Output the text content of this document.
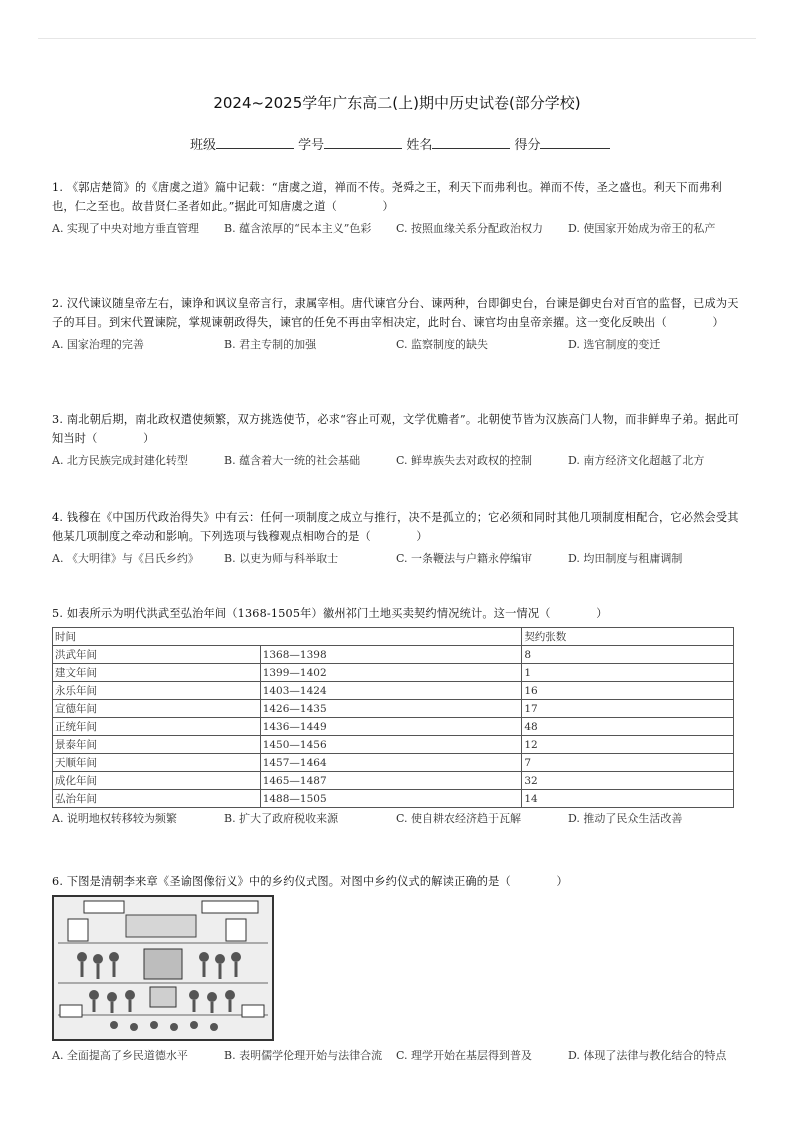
2024~2025学年广东高二(上)期中历史试卷(部分学校)
班级	学号	姓名	得分
1. 《郭店楚简》的《唐虞之道》篇中记载：“唐虞之道，禅而不传。尧舜之王，利天下而弗利也。禅而不传，圣之盛也。利天下而弗利也，仁之至也。故昔贤仁圣者如此。”据此可知唐虞之道（　　　　）
A. 实现了中央对地方垂直管理	B. 蕴含浓厚的“民本主义”色彩	C. 按照血缘关系分配政治权力	D. 使国家开始成为帝王的私产
2. 汉代谏议随皇帝左右，谏诤和讽议皇帝言行，隶属宰相。唐代谏官分台、谏两种，台即御史台，台谏是御史台对百官的监督，已成为天子的耳目。到宋代置谏院，掌规谏朝政得失，谏官的任免不再由宰相决定，此时台、谏官均由皇帝亲擢。这一变化反映出（　　　　）
A. 国家治理的完善	B. 君主专制的加强	C. 监察制度的缺失	D. 选官制度的变迁
3. 南北朝后期，南北政权遣使频繁，双方挑选使节，必求“容止可观，文学优赡者”。北朝使节皆为汉族高门人物，而非鲜卑子弟。据此可知当时（　　　　）
A. 北方民族完成封建化转型	B. 蕴含着大一统的社会基础	C. 鲜卑族失去对政权的控制	D. 南方经济文化超越了北方
4. 钱穆在《中国历代政治得失》中有云：任何一项制度之成立与推行，决不是孤立的；它必须和同时其他几项制度相配合，它必然会受其他某几项制度之牵动和影响。下列选项与钱穆观点相吻合的是（　　　　）
A. 《大明律》与《吕氏乡约》	B. 以吏为师与科举取士	C. 一条鞭法与户籍永停编审	D. 均田制度与租庸调制
5. 如表所示为明代洪武至弘治年间（1368-1505年）徽州祁门土地买卖契约情况统计。这一情况（　　　　）
时间		契约张数
洪武年间	1368—1398	8
建文年间	1399—1402	1
永乐年间	1403—1424	16
宣德年间	1426—1435	17
正统年间	1436—1449	48
景泰年间	1450—1456	12
天顺年间	1457—1464	7
成化年间	1465—1487	32
弘治年间	1488—1505	14
A. 说明地权转移较为频繁	B. 扩大了政府税收来源	C. 使自耕农经济趋于瓦解	D. 推动了民众生活改善
6. 下图是清朝李来章《圣谕图像衍义》中的乡约仪式图。对图中乡约仪式的解读正确的是（　　　　）
A. 全面提高了乡民道德水平	B. 表明儒学伦理开始与法律合流	C. 理学开始在基层得到普及	D. 体现了法律与教化结合的特点
